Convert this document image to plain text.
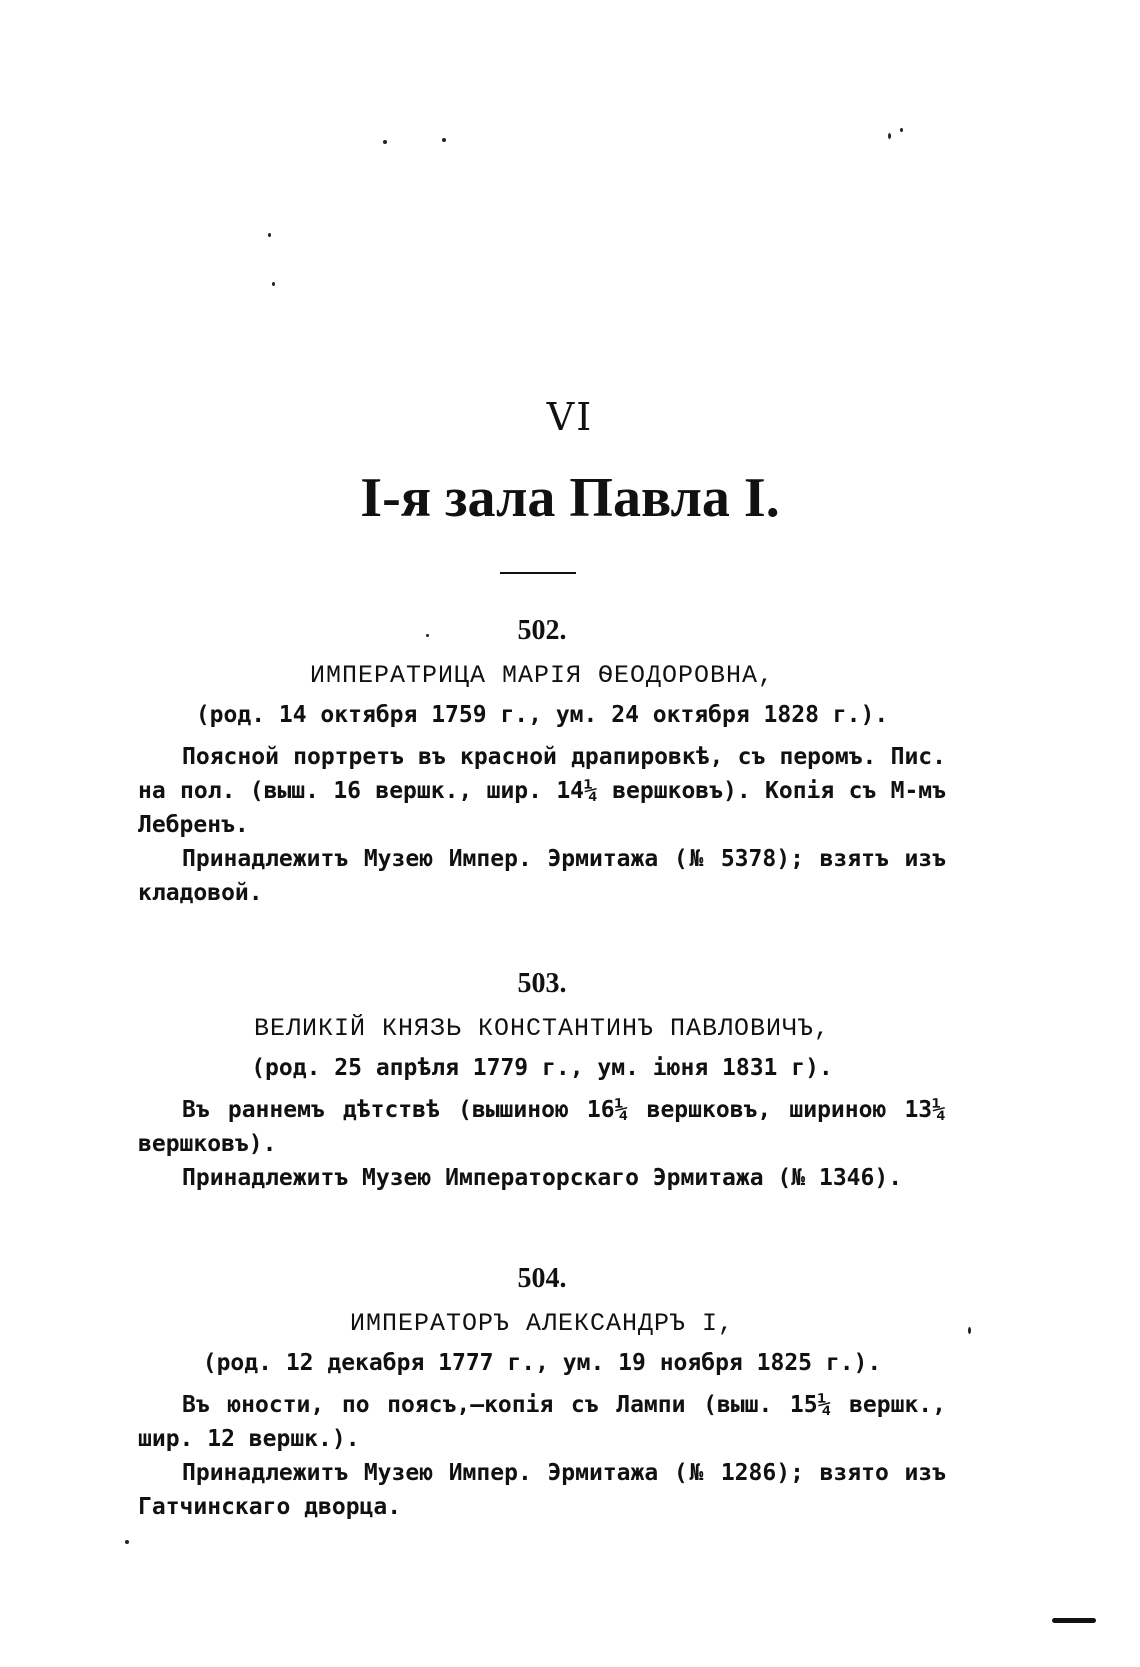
VI
І-я зала Павла I.
502.
ИМПЕРАТРИЦА МАРІЯ ѲЕОДОРОВНА,
(род. 14 октября 1759 г., ум. 24 октября 1828 г.).

Поясной портретъ въ красной драпировкѣ, съ перомъ. Пис. на пол. (выш. 16 вершк., шир. 14¼ вершковъ). Копія съ М-мъ Лебренъ.

Принадлежитъ Музею Импер. Эрмитажа (№ 5378); взятъ изъ кладовой.

503.
ВЕЛИКІЙ КНЯЗЬ КОНСТАНТИНЪ ПАВЛОВИЧЪ,
(род. 25 апрѣля 1779 г., ум. іюня 1831 г).

Въ раннемъ дѣтствѣ (вышиною 16¼ вершковъ, шириною 13¼ вершковъ).

Принадлежитъ Музею Императорскаго Эрмитажа (№ 1346).

504.
ИМПЕРАТОРЪ АЛЕКСАНДРЪ I,
(род. 12 декабря 1777 г., ум. 19 ноября 1825 г.).

Въ юности, по поясъ,—копія съ Лампи (выш. 15¼ вершк., шир. 12 вершк.).

Принадлежитъ Музею Импер. Эрмитажа (№ 1286); взято изъ Гатчинскаго дворца.
